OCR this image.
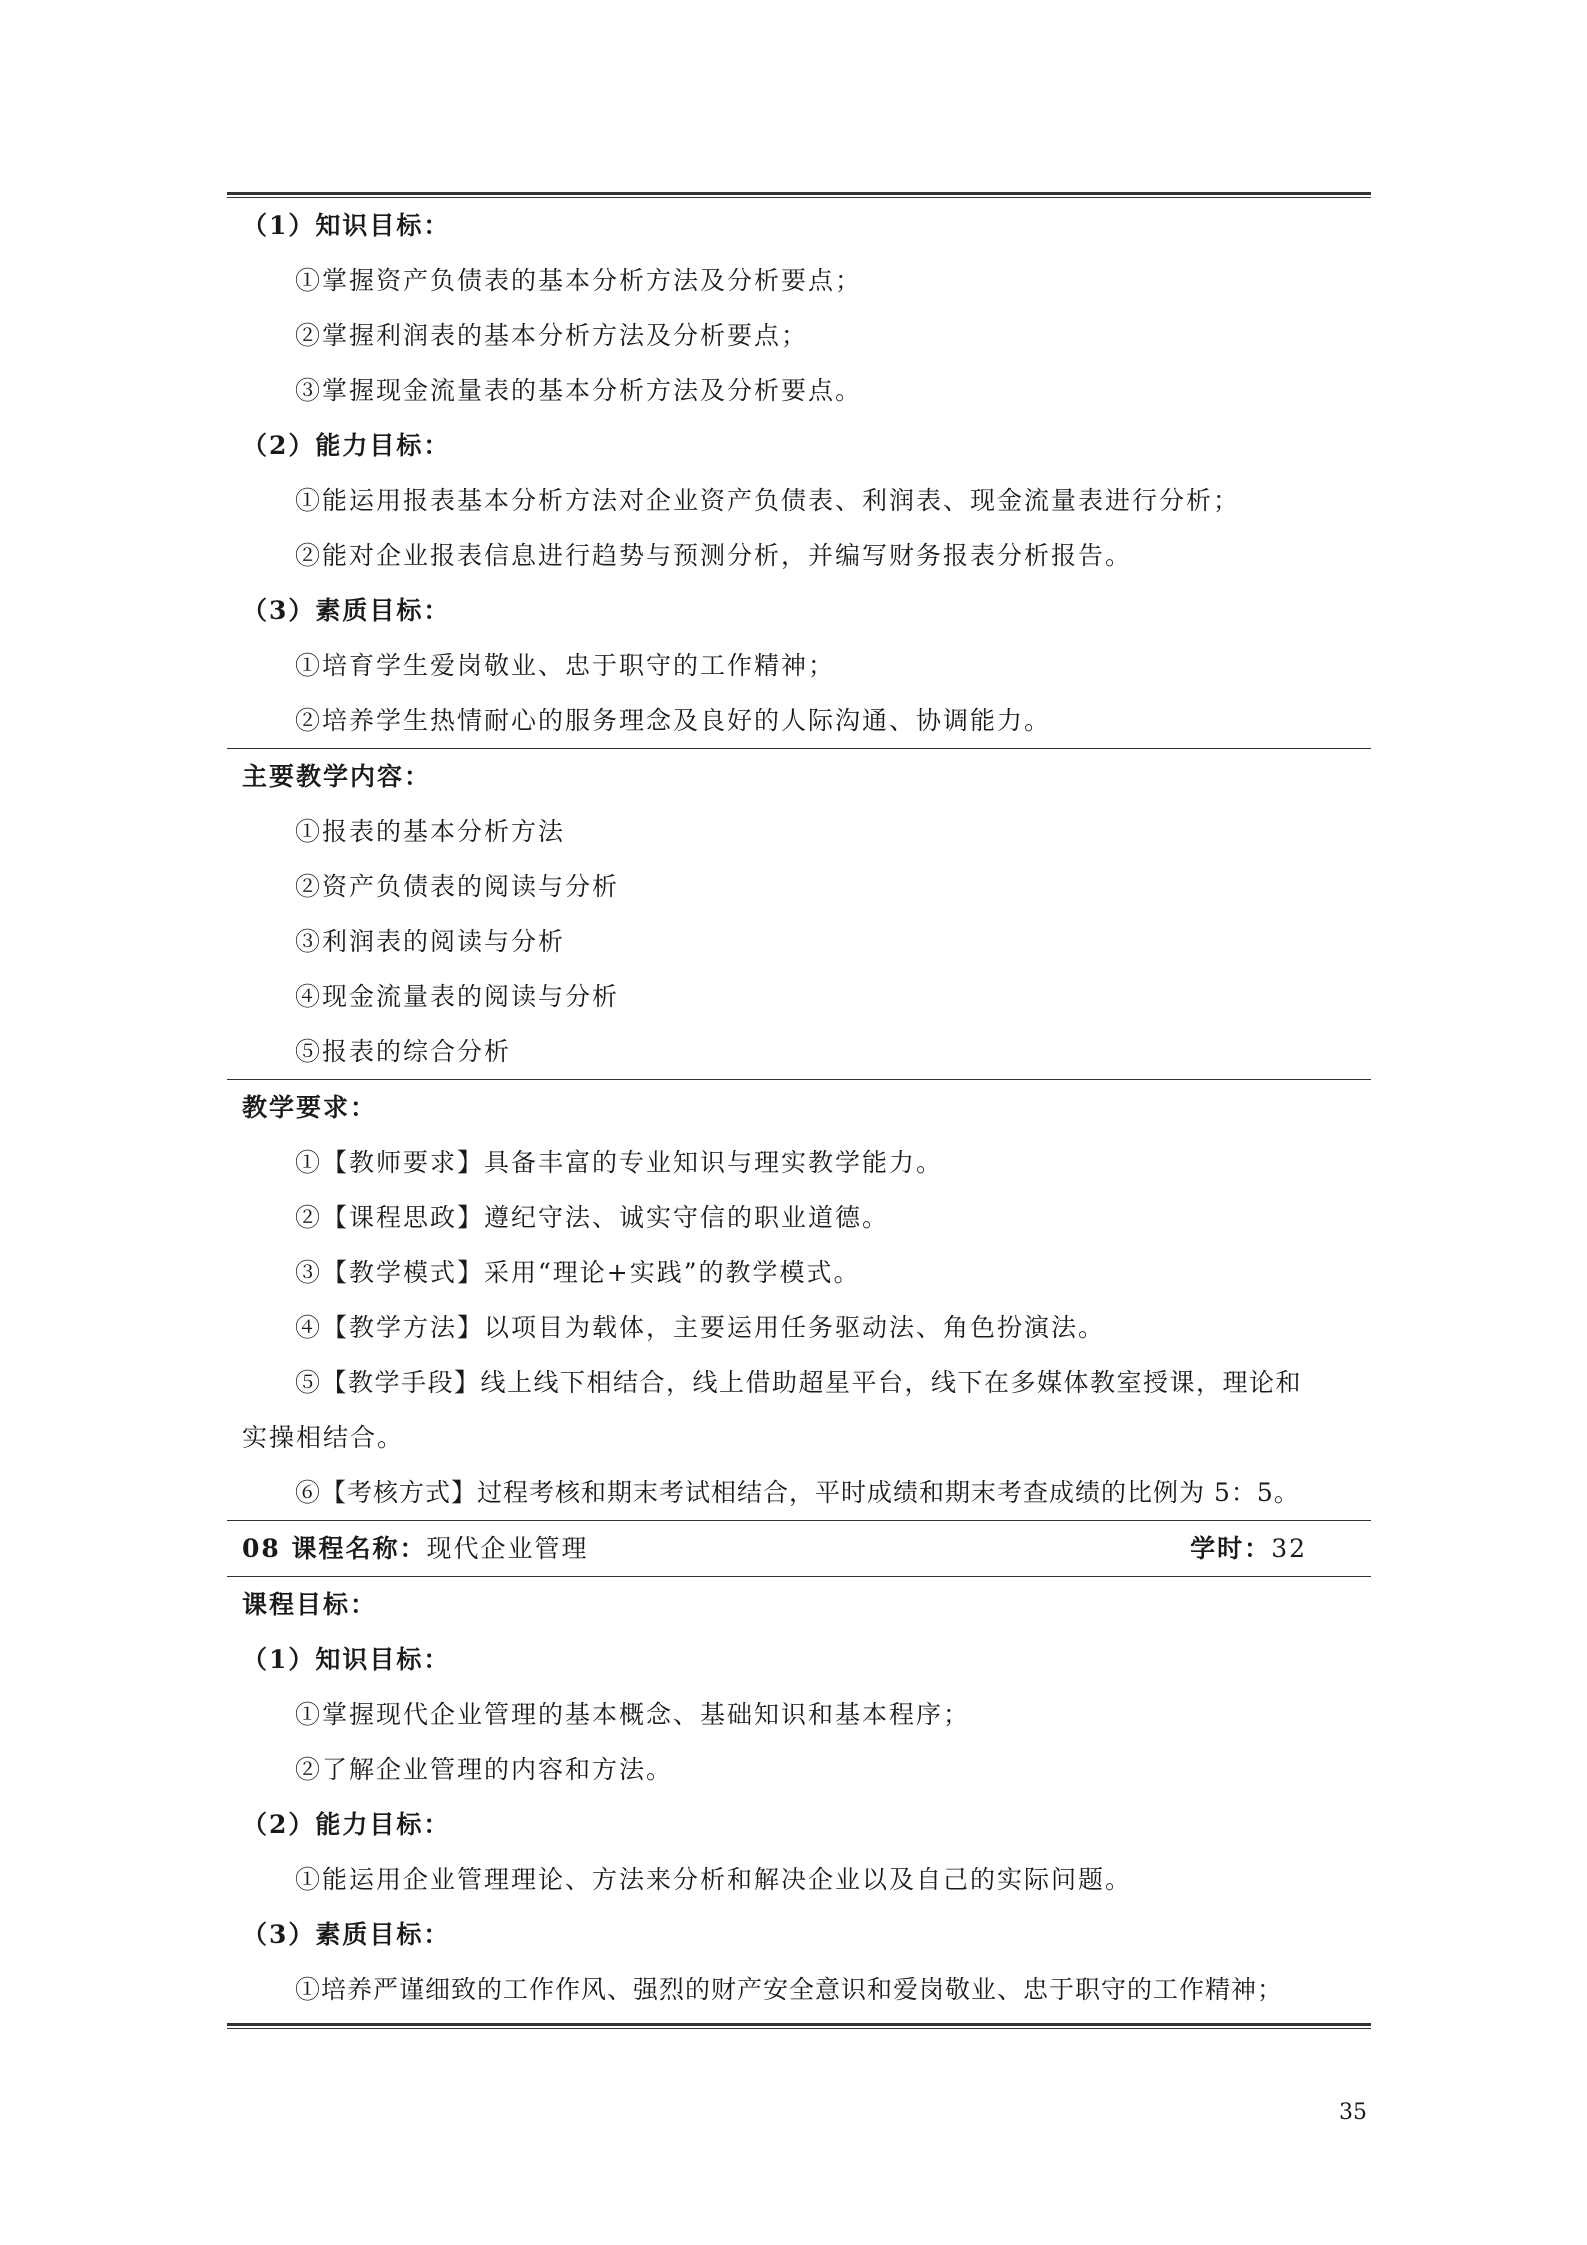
（1）知识目标：
①掌握资产负债表的基本分析方法及分析要点；
②掌握利润表的基本分析方法及分析要点；
③掌握现金流量表的基本分析方法及分析要点。
（2）能力目标：
①能运用报表基本分析方法对企业资产负债表、利润表、现金流量表进行分析；
②能对企业报表信息进行趋势与预测分析，并编写财务报表分析报告。
（3）素质目标：
①培育学生爱岗敬业、忠于职守的工作精神；
②培养学生热情耐心的服务理念及良好的人际沟通、协调能力。
主要教学内容：
①报表的基本分析方法
②资产负债表的阅读与分析
③利润表的阅读与分析
④现金流量表的阅读与分析
⑤报表的综合分析
教学要求：
①【教师要求】具备丰富的专业知识与理实教学能力。
②【课程思政】遵纪守法、诚实守信的职业道德。
③【教学模式】采用“理论+实践”的教学模式。
④【教学方法】以项目为载体，主要运用任务驱动法、角色扮演法。
⑤【教学手段】线上线下相结合，线上借助超星平台，线下在多媒体教室授课，理论和
实操相结合。
⑥【考核方式】过程考核和期末考试相结合，平时成绩和期末考查成绩的比例为 5：5。
08 课程名称：现代企业管理	学时：32
课程目标：
（1）知识目标：
①掌握现代企业管理的基本概念、基础知识和基本程序；
②了解企业管理的内容和方法。
（2）能力目标：
①能运用企业管理理论、方法来分析和解决企业以及自己的实际问题。
（3）素质目标：
①培养严谨细致的工作作风、强烈的财产安全意识和爱岗敬业、忠于职守的工作精神；
35
